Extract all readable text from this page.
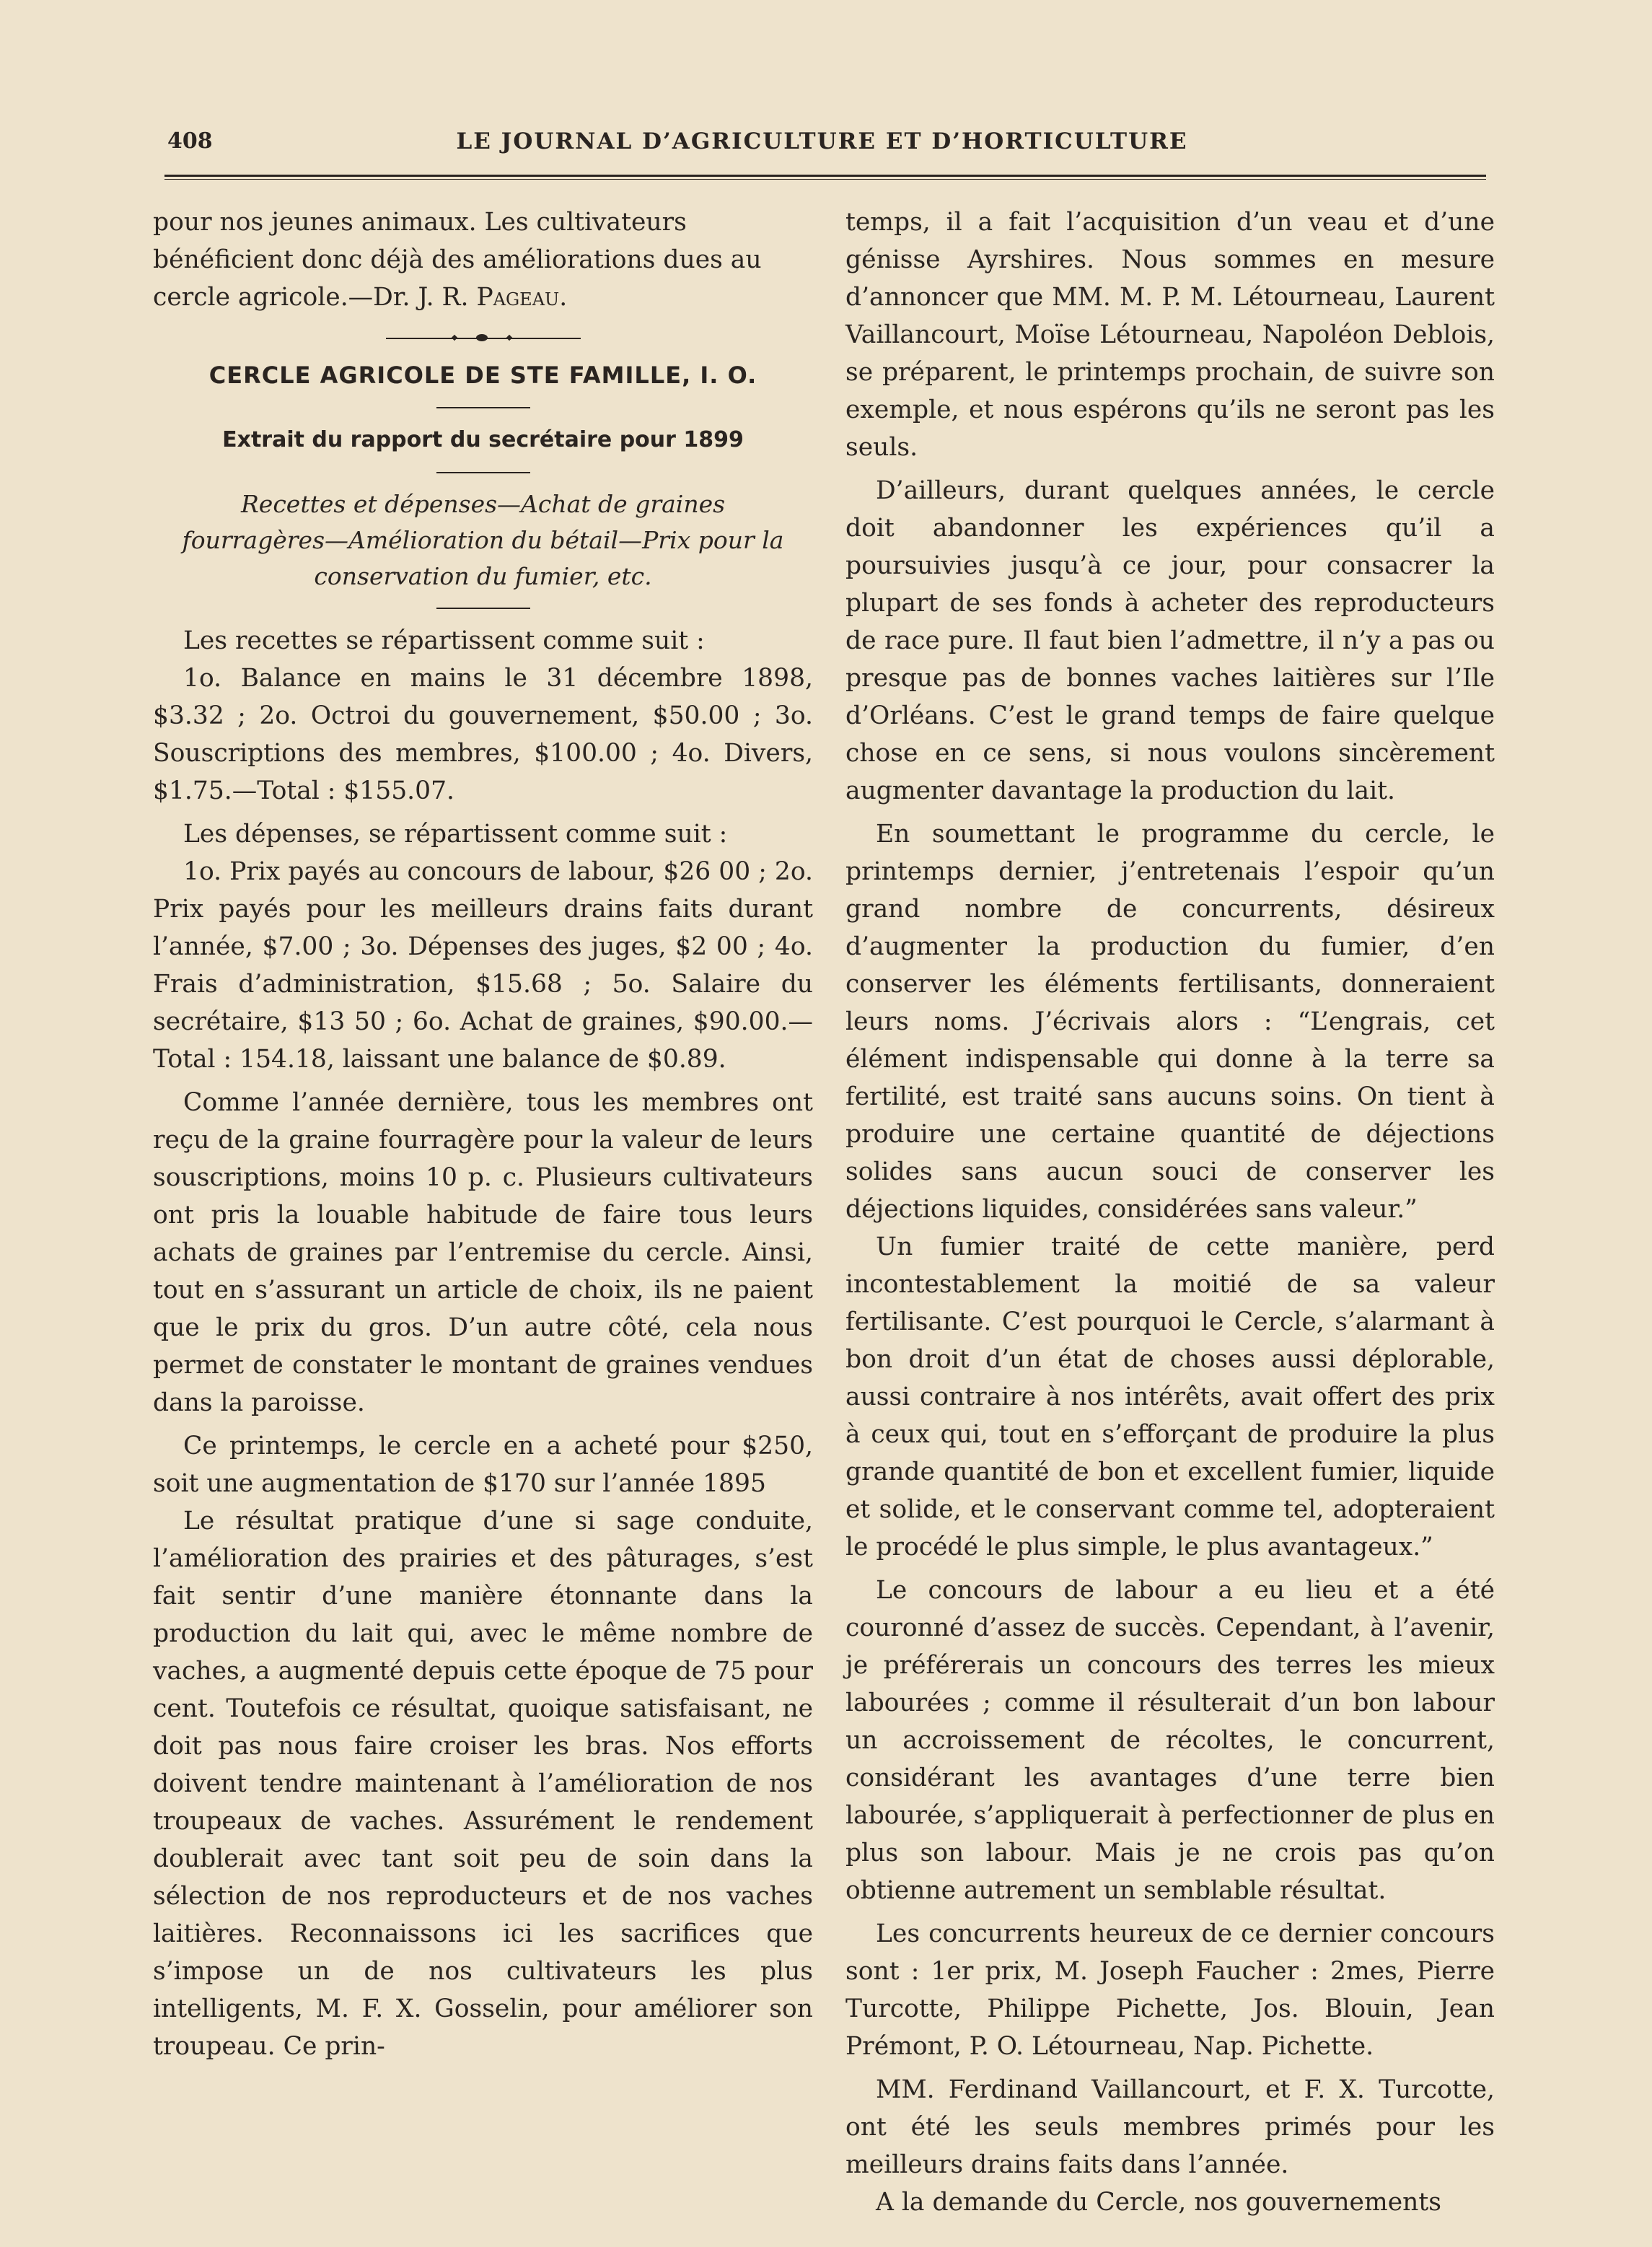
408	LE JOURNAL D’AGRICULTURE ET D’HORTICULTURE

pour nos jeunes animaux. Les cultivateurs bénéficient donc déjà des améliorations dues au cercle agricole.—Dr. J. R. Pageau.

CERCLE AGRICOLE DE STE FAMILLE, I. O.

Extrait du rapport du secrétaire pour 1899

Recettes et dépenses—Achat de graines fourragères—Amélioration du bétail—Prix pour la conservation du fumier, etc.

Les recettes se répartissent comme suit :

1o. Balance en mains le 31 décembre 1898, $3.32 ; 2o. Octroi du gouvernement, $50.00 ; 3o. Souscriptions des membres, $100.00 ; 4o. Divers, $1.75.—Total : $155.07.

Les dépenses, se répartissent comme suit :

1o. Prix payés au concours de labour, $26 00 ; 2o. Prix payés pour les meilleurs drains faits durant l’année, $7.00 ; 3o. Dépenses des juges, $2 00 ; 4o. Frais d’administration, $15.68 ; 5o. Salaire du secrétaire, $13 50 ; 6o. Achat de graines, $90.00.—Total : 154.18, laissant une balance de $0.89.

Comme l’année dernière, tous les membres ont reçu de la graine fourragère pour la valeur de leurs souscriptions, moins 10 p. c. Plusieurs cultivateurs ont pris la louable habitude de faire tous leurs achats de graines par l’entremise du cercle. Ainsi, tout en s’assurant un article de choix, ils ne paient que le prix du gros. D’un autre côté, cela nous permet de constater le montant de graines vendues dans la paroisse.

Ce printemps, le cercle en a acheté pour $250, soit une augmentation de $170 sur l’année 1895

Le résultat pratique d’une si sage conduite, l’amélioration des prairies et des pâturages, s’est fait sentir d’une manière étonnante dans la production du lait qui, avec le même nombre de vaches, a augmenté depuis cette époque de 75 pour cent. Toutefois ce résultat, quoique satisfaisant, ne doit pas nous faire croiser les bras. Nos efforts doivent tendre maintenant à l’amélioration de nos troupeaux de vaches. Assurément le rendement doublerait avec tant soit peu de soin dans la sélection de nos reproducteurs et de nos vaches laitières. Reconnaissons ici les sacrifices que s’impose un de nos cultivateurs les plus intelligents, M. F. X. Gosselin, pour améliorer son troupeau. Ce prin-

temps, il a fait l’acquisition d’un veau et d’une génisse Ayrshires. Nous sommes en mesure d’annoncer que MM. M. P. M. Létourneau, Laurent Vaillancourt, Moïse Létourneau, Napoléon Deblois, se préparent, le printemps prochain, de suivre son exemple, et nous espérons qu’ils ne seront pas les seuls.

D’ailleurs, durant quelques années, le cercle doit abandonner les expériences qu’il a poursuivies jusqu’à ce jour, pour consacrer la plupart de ses fonds à acheter des reproducteurs de race pure. Il faut bien l’admettre, il n’y a pas ou presque pas de bonnes vaches laitières sur l’Ile d’Orléans. C’est le grand temps de faire quelque chose en ce sens, si nous voulons sincèrement augmenter davantage la production du lait.

En soumettant le programme du cercle, le printemps dernier, j’entretenais l’espoir qu’un grand nombre de concurrents, désireux d’augmenter la production du fumier, d’en conserver les éléments fertilisants, donneraient leurs noms. J’écrivais alors : “L’engrais, cet élément indispensable qui donne à la terre sa fertilité, est traité sans aucuns soins. On tient à produire une certaine quantité de déjections solides sans aucun souci de conserver les déjections liquides, considérées sans valeur.”

Un fumier traité de cette manière, perd incontestablement la moitié de sa valeur fertilisante. C’est pourquoi le Cercle, s’alarmant à bon droit d’un état de choses aussi déplorable, aussi contraire à nos intérêts, avait offert des prix à ceux qui, tout en s’efforçant de produire la plus grande quantité de bon et excellent fumier, liquide et solide, et le conservant comme tel, adopteraient le procédé le plus simple, le plus avantageux.”

Le concours de labour a eu lieu et a été couronné d’assez de succès. Cependant, à l’avenir, je préférerais un concours des terres les mieux labourées ; comme il résulterait d’un bon labour un accroissement de récoltes, le concurrent, considérant les avantages d’une terre bien labourée, s’appliquerait à perfectionner de plus en plus son labour. Mais je ne crois pas qu’on obtienne autrement un semblable résultat.

Les concurrents heureux de ce dernier concours sont : 1er prix, M. Joseph Faucher : 2mes, Pierre Turcotte, Philippe Pichette, Jos. Blouin, Jean Prémont, P. O. Létourneau, Nap. Pichette.

MM. Ferdinand Vaillancourt, et F. X. Turcotte, ont été les seuls membres primés pour les meilleurs drains faits dans l’année.

A la demande du Cercle, nos gouvernements
